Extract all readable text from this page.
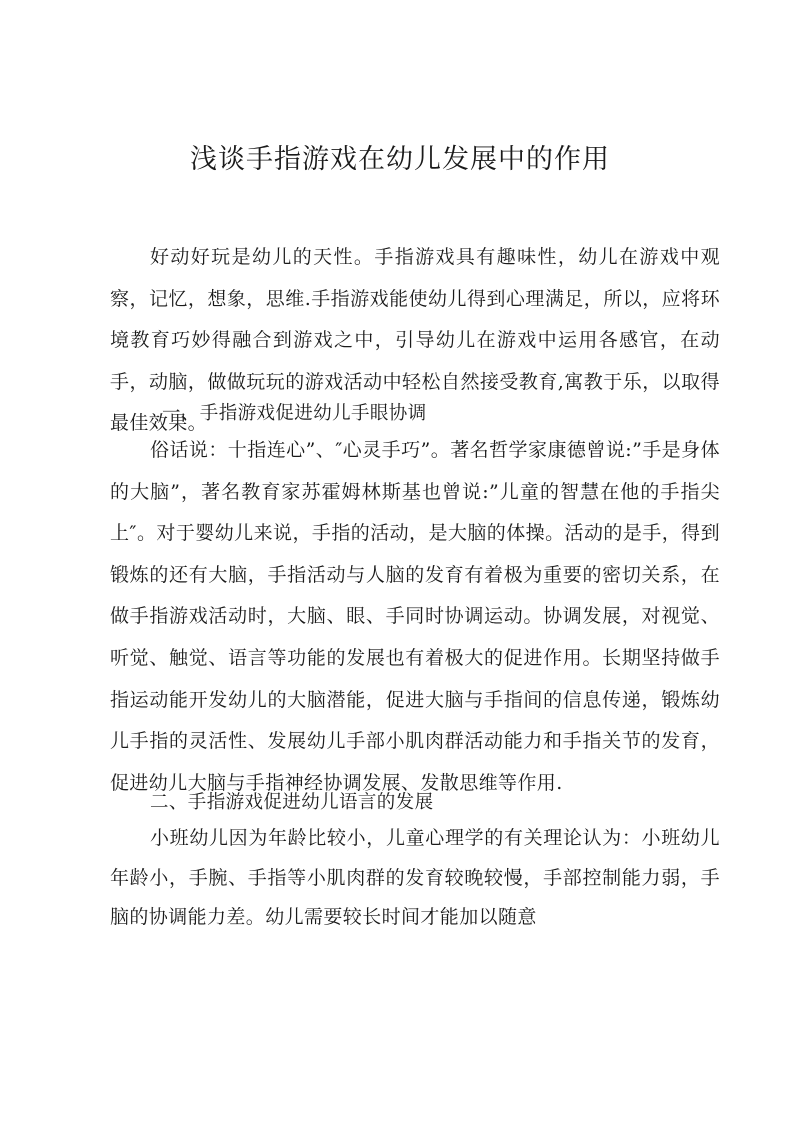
浅谈手指游戏在幼儿发展中的作用

好动好玩是幼儿的天性。手指游戏具有趣味性，幼儿在游戏中观察，记忆，想象，思维.手指游戏能使幼儿得到心理满足，所以，应将环境教育巧妙得融合到游戏之中，引导幼儿在游戏中运用各感官，在动手，动脑，做做玩玩的游戏活动中轻松自然接受教育,寓教于乐，以取得最佳效果。

一、手指游戏促进幼儿手眼协调

俗话说：十指连心”、″心灵手巧”。著名哲学家康德曾说:”手是身体的大脑”，著名教育家苏霍姆林斯基也曾说:”儿童的智慧在他的手指尖上″。对于婴幼儿来说，手指的活动，是大脑的体操。活动的是手，得到锻炼的还有大脑，手指活动与人脑的发育有着极为重要的密切关系，在做手指游戏活动时，大脑、眼、手同时协调运动。协调发展，对视觉、听觉、触觉、语言等功能的发展也有着极大的促进作用。长期坚持做手指运动能开发幼儿的大脑潜能，促进大脑与手指间的信息传递，锻炼幼儿手指的灵活性、发展幼儿手部小肌肉群活动能力和手指关节的发育，促进幼儿大脑与手指神经协调发展、发散思维等作用.

二、手指游戏促进幼儿语言的发展

小班幼儿因为年龄比较小，儿童心理学的有关理论认为：小班幼儿年龄小，手腕、手指等小肌肉群的发育较晚较慢，手部控制能力弱，手脑的协调能力差。幼儿需要较长时间才能加以随意
